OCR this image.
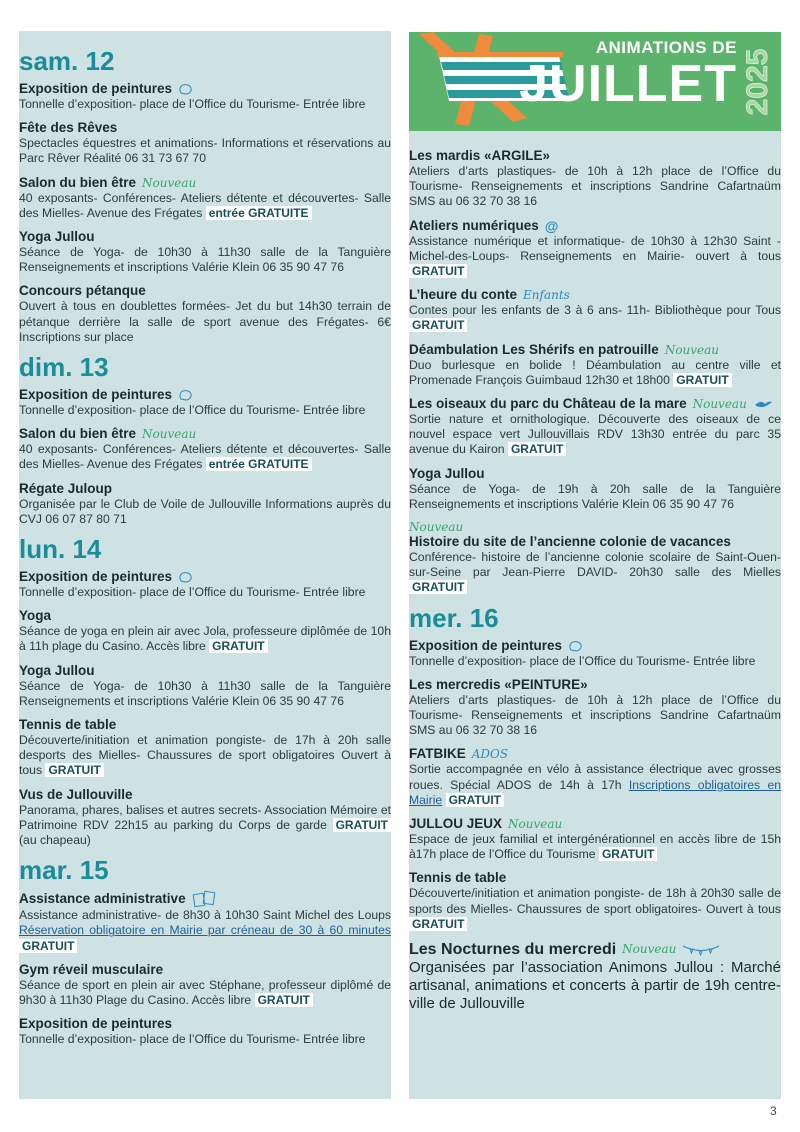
ANIMATIONS DE
JUILLET 2025
sam. 12
Exposition de peintures
Tonnelle d’exposition- place de l’Office du Tourisme- Entrée libre
Fête des Rêves
Spectacles équestres et animations- Informations et réservations au Parc Rêver Réalité 06 31 73 67 70
Salon du bien être Nouveau
40 exposants- Conférences- Ateliers détente et découvertes- Salle des Mielles- Avenue des Frégates entrée GRATUITE
Yoga Jullou
Séance de Yoga- de 10h30 à 11h30 salle de la Tanguière Renseignements et inscriptions Valérie Klein 06 35 90 47 76
Concours pétanque
Ouvert à tous en doublettes formées- Jet du but 14h30 terrain de pétanque derrière la salle de sport avenue des Frégates- 6€ Inscriptions sur place
dim. 13
Exposition de peintures
Tonnelle d’exposition- place de l’Office du Tourisme- Entrée libre
Salon du bien être Nouveau
40 exposants- Conférences- Ateliers détente et découvertes- Salle des Mielles- Avenue des Frégates entrée GRATUITE
Régate Juloup
Organisée par le Club de Voile de Jullouville Informations auprès du CVJ 06 07 87 80 71
lun. 14
Exposition de peintures
Tonnelle d’exposition- place de l’Office du Tourisme- Entrée libre
Yoga
Séance de yoga en plein air avec Jola, professeure diplômée de 10h à 11h plage du Casino. Accès libre GRATUIT
Yoga Jullou
Séance de Yoga- de 10h30 à 11h30 salle de la Tanguière Renseignements et inscriptions Valérie Klein 06 35 90 47 76
Tennis de table
Découverte/initiation et animation pongiste- de 17h à 20h salle desports des Mielles- Chaussures de sport obligatoires Ouvert à tous GRATUIT
Vus de Jullouville
Panorama, phares, balises et autres secrets- Association Mémoire et Patrimoine RDV 22h15 au parking du Corps de garde GRATUIT (au chapeau)
mar. 15
Assistance administrative
Assistance administrative- de 8h30 à 10h30 Saint Michel des Loups Réservation obligatoire en Mairie par créneau de 30 à 60 minutes GRATUIT
Gym réveil musculaire
Séance de sport en plein air avec Stéphane, professeur diplômé de 9h30 à 11h30 Plage du Casino. Accès libre GRATUIT
Exposition de peintures
Tonnelle d’exposition- place de l’Office du Tourisme- Entrée libre
Les mardis «ARGILE»
Ateliers d’arts plastiques- de 10h à 12h place de l’Office du Tourisme- Renseignements et inscriptions Sandrine Cafartnaüm SMS au 06 32 70 38 16
Ateliers numériques @
Assistance numérique et informatique- de 10h30 à 12h30 Saint -Michel-des-Loups- Renseignements en Mairie- ouvert à tous GRATUIT
L’heure du conte Enfants
Contes pour les enfants de 3 à 6 ans- 11h- Bibliothèque pour Tous GRATUIT
Déambulation Les Shérifs en patrouille Nouveau
Duo burlesque en bolide ! Déambulation au centre ville et Promenade François Guimbaud 12h30 et 18h00 GRATUIT
Les oiseaux du parc du Château de la mare Nouveau
Sortie nature et ornithologique. Découverte des oiseaux de ce nouvel espace vert Jullouvillais RDV 13h30 entrée du parc 35 avenue du Kairon GRATUIT
Yoga Jullou
Séance de Yoga- de 19h à 20h salle de la Tanguière Renseignements et inscriptions Valérie Klein 06 35 90 47 76
Nouveau
Histoire du site de l’ancienne colonie de vacances
Conférence- histoire de l’ancienne colonie scolaire de Saint-Ouen-sur-Seine par Jean-Pierre DAVID- 20h30 salle des Mielles GRATUIT
mer. 16
Exposition de peintures
Tonnelle d’exposition- place de l’Office du Tourisme- Entrée libre
Les mercredis «PEINTURE»
Ateliers d’arts plastiques- de 10h à 12h place de l’Office du Tourisme- Renseignements et inscriptions Sandrine Cafartnaüm SMS au 06 32 70 38 16
FATBIKE ADOS
Sortie accompagnée en vélo à assistance électrique avec grosses roues. Spécial ADOS de 14h à 17h Inscriptions obligatoires en Mairie GRATUIT
JULLOU JEUX Nouveau
Espace de jeux familial et intergénérationnel en accès libre de 15h à17h place de l’Office du Tourisme GRATUIT
Tennis de table
Découverte/initiation et animation pongiste- de 18h à 20h30 salle de sports des Mielles- Chaussures de sport obligatoires- Ouvert à tous GRATUIT
Les Nocturnes du mercredi Nouveau
Organisées par l’association Animons Jullou : Marché artisanal, animations et concerts à partir de 19h centre-ville de Jullouville
3
